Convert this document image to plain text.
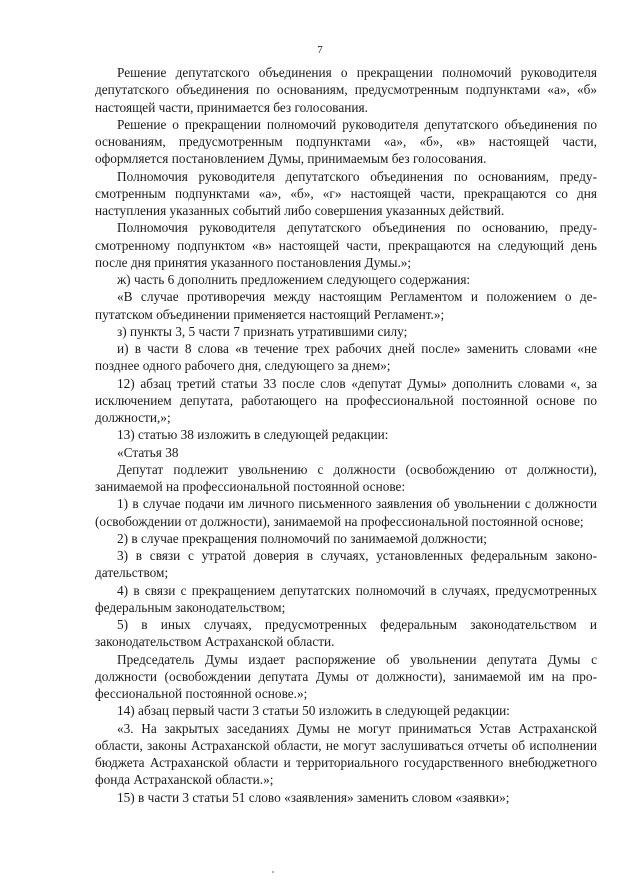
7

Решение депутатского объединения о прекращении полномочий руководителя депутатского объединения по основаниям, предусмотренным подпунктами «а», «б» настоящей части, принимается без голосования.

Решение о прекращении полномочий руководителя депутатского объединения по основаниям, предусмотренным подпунктами «а», «б», «в» настоящей части, оформляется постановлением Думы, принимаемым без голосования.

Полномочия руководителя депутатского объединения по основаниям, предусмотренным подпунктами «а», «б», «г» настоящей части, прекращаются со дня наступления указанных событий либо совершения указанных действий.

Полномочия руководителя депутатского объединения по основанию, предусмотренному подпунктом «в» настоящей части, прекращаются на следующий день после дня принятия указанного постановления Думы.»;

ж) часть 6 дополнить предложением следующего содержания:

«В случае противоречия между настоящим Регламентом и положением о депутатском объединении применяется настоящий Регламент.»;

з) пункты 3, 5 части 7 признать утратившими силу;

и) в части 8 слова «в течение трех рабочих дней после» заменить словами «не позднее одного рабочего дня, следующего за днем»;

12) абзац третий статьи 33 после слов «депутат Думы» дополнить словами «, за исключением депутата, работающего на профессиональной постоянной основе по должности,»;

13) статью 38 изложить в следующей редакции:

«Статья 38

Депутат подлежит увольнению с должности (освобождению от должности), занимаемой на профессиональной постоянной основе:

1) в случае подачи им личного письменного заявления об увольнении с должности (освобождении от должности), занимаемой на профессиональной постоянной основе;

2) в случае прекращения полномочий по занимаемой должности;

3) в связи с утратой доверия в случаях, установленных федеральным законодательством;

4) в связи с прекращением депутатских полномочий в случаях, предусмотренных федеральным законодательством;

5) в иных случаях, предусмотренных федеральным законодательством и законодательством Астраханской области.

Председатель Думы издает распоряжение об увольнении депутата Думы с должности (освобождении депутата Думы от должности), занимаемой им на профессиональной постоянной основе.»;

14) абзац первый части 3 статьи 50 изложить в следующей редакции:

«3. На закрытых заседаниях Думы не могут приниматься Устав Астраханской области, законы Астраханской области, не могут заслушиваться отчеты об исполнении бюджета Астраханской области и территориального государственного внебюджетного фонда Астраханской области.»;

15) в части 3 статьи 51 слово «заявления» заменить словом «заявки»;
